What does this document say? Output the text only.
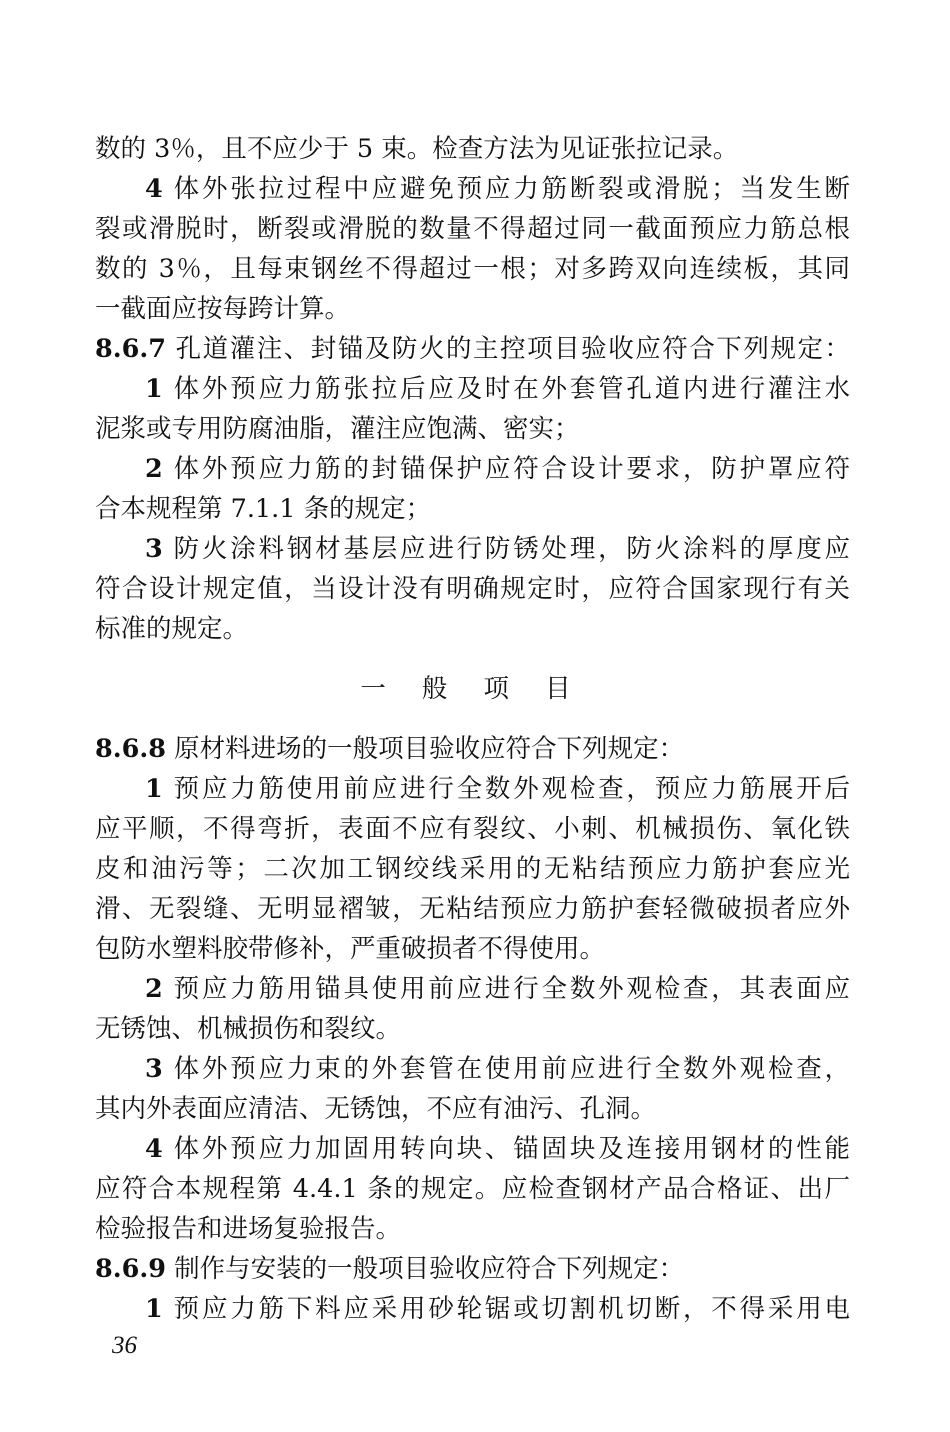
数的 3％，且不应少于 5 束。检查方法为见证张拉记录。
4 体外张拉过程中应避免预应力筋断裂或滑脱；当发生断
裂或滑脱时，断裂或滑脱的数量不得超过同一截面预应力筋总根
数的 3％，且每束钢丝不得超过一根；对多跨双向连续板，其同
一截面应按每跨计算。
8.6.7 孔道灌注、封锚及防火的主控项目验收应符合下列规定：
1 体外预应力筋张拉后应及时在外套管孔道内进行灌注水
泥浆或专用防腐油脂，灌注应饱满、密实；
2 体外预应力筋的封锚保护应符合设计要求，防护罩应符
合本规程第 7.1.1 条的规定；
3 防火涂料钢材基层应进行防锈处理，防火涂料的厚度应
符合设计规定值，当设计没有明确规定时，应符合国家现行有关
标准的规定。
一 般 项 目
8.6.8 原材料进场的一般项目验收应符合下列规定：
1 预应力筋使用前应进行全数外观检查，预应力筋展开后
应平顺，不得弯折，表面不应有裂纹、小刺、机械损伤、氧化铁
皮和油污等；二次加工钢绞线采用的无粘结预应力筋护套应光
滑、无裂缝、无明显褶皱，无粘结预应力筋护套轻微破损者应外
包防水塑料胶带修补，严重破损者不得使用。
2 预应力筋用锚具使用前应进行全数外观检查，其表面应
无锈蚀、机械损伤和裂纹。
3 体外预应力束的外套管在使用前应进行全数外观检查，
其内外表面应清洁、无锈蚀，不应有油污、孔洞。
4 体外预应力加固用转向块、锚固块及连接用钢材的性能
应符合本规程第 4.4.1 条的规定。应检查钢材产品合格证、出厂
检验报告和进场复验报告。
8.6.9 制作与安装的一般项目验收应符合下列规定：
1 预应力筋下料应采用砂轮锯或切割机切断，不得采用电
36
